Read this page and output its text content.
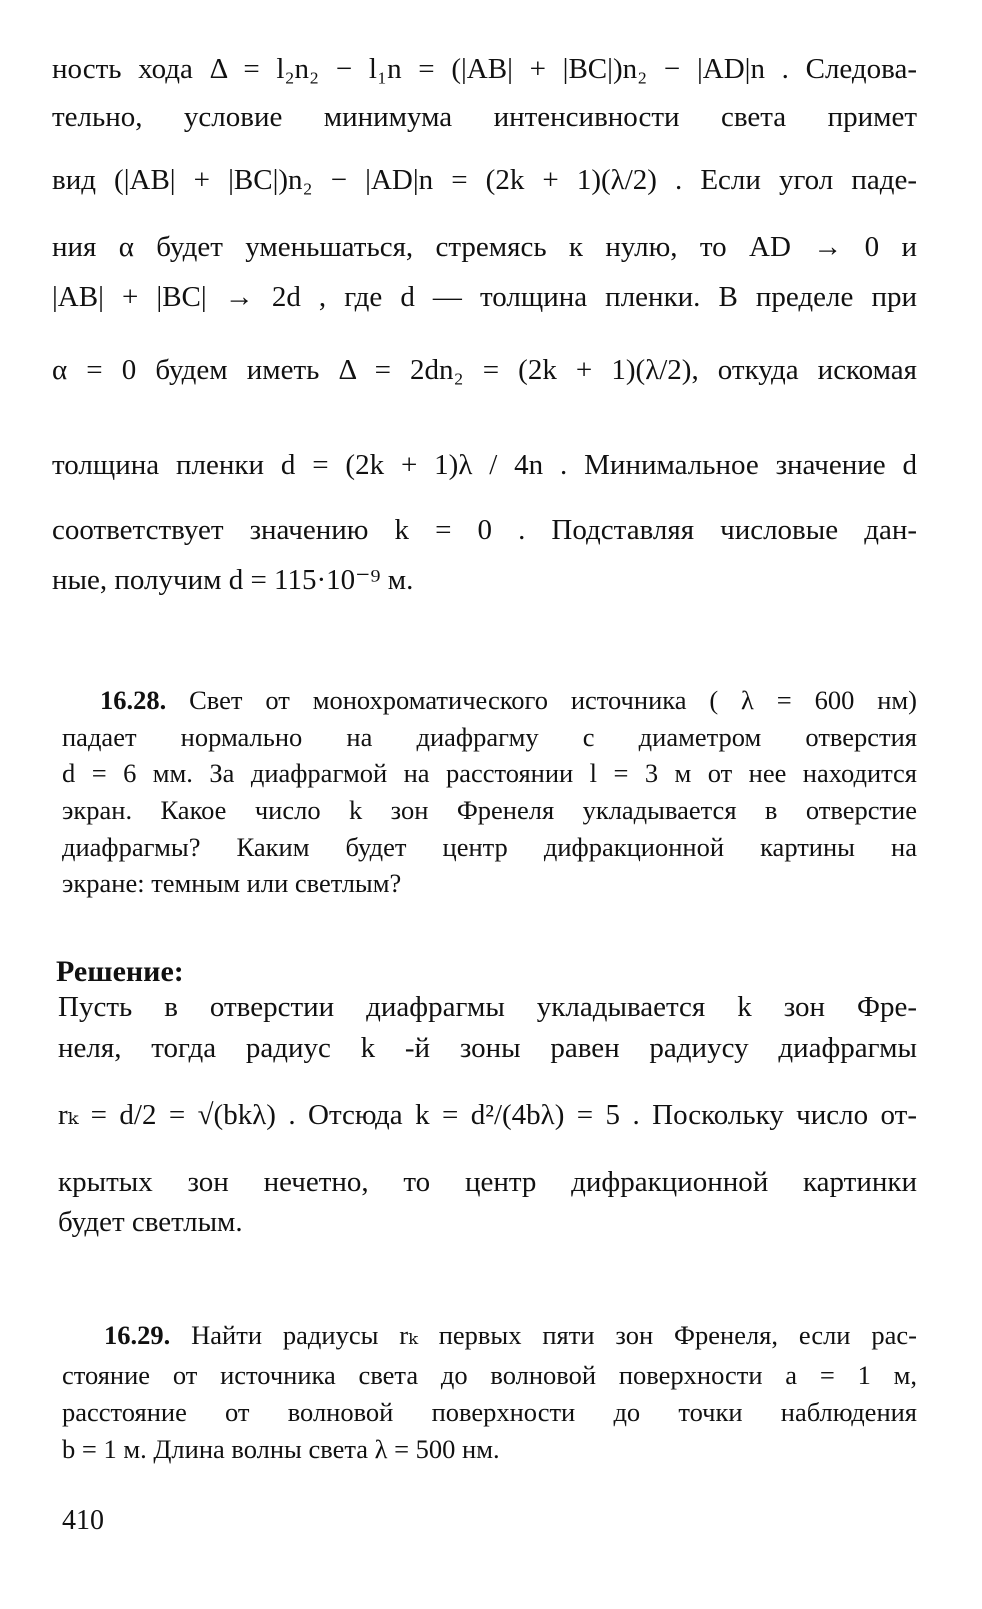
ность хода Δ = l₂n₂ − l₁n = (|AB| + |BC|)n₂ − |AD|n . Следова-
тельно, условие минимума интенсивности света примет
вид (|AB| + |BC|)n₂ − |AD|n = (2k + 1)(λ/2) . Если угол паде-
ния α будет уменьшаться, стремясь к нулю, то AD → 0 и
|AB| + |BC| → 2d , где d — толщина пленки. В пределе при
α = 0 будем иметь Δ = 2dn₂ = (2k + 1)(λ/2), откуда искомая
толщина пленки d = (2k + 1)λ / 4n . Минимальное значение d
соответствует значению k = 0 . Подставляя числовые дан-
ные, получим d = 115·10⁻⁹ м.
16.28. Свет от монохроматического источника ( λ = 600 нм)
падает нормально на диафрагму с диаметром отверстия
d = 6 мм. За диафрагмой на расстоянии l = 3 м от нее находится
экран. Какое число k зон Френеля укладывается в отверстие
диафрагмы? Каким будет центр дифракционной картины на
экране: темным или светлым?
Решение:
Пусть в отверстии диафрагмы укладывается k зон Фре-
неля, тогда радиус k -й зоны равен радиусу диафрагмы
rₖ = d/2 = √(bkλ) . Отсюда k = d²/(4bλ) = 5 . Поскольку число от-
крытых зон нечетно, то центр дифракционной картинки
будет светлым.
16.29. Найти радиусы rₖ первых пяти зон Френеля, если рас-
стояние от источника света до волновой поверхности a = 1 м,
расстояние от волновой поверхности до точки наблюдения
b = 1 м. Длина волны света λ = 500 нм.
410
